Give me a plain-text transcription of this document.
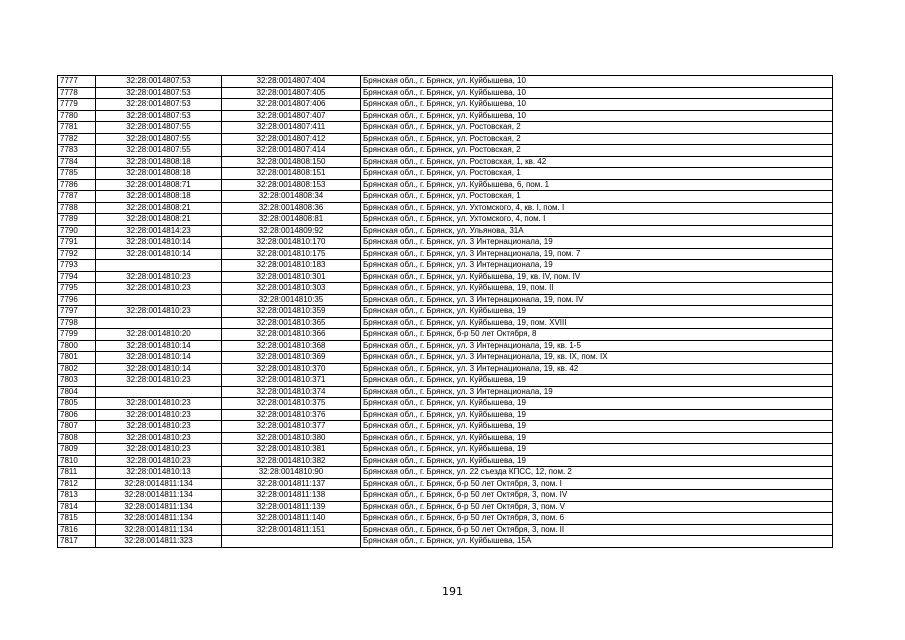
7777	32:28:0014807:53	32:28:0014807:404	Брянская обл., г. Брянск, ул. Куйбышева, 10
7778	32:28:0014807:53	32:28:0014807:405	Брянская обл., г. Брянск, ул. Куйбышева, 10
7779	32:28:0014807:53	32:28:0014807:406	Брянская обл., г. Брянск, ул. Куйбышева, 10
7780	32:28:0014807:53	32:28:0014807:407	Брянская обл., г. Брянск, ул. Куйбышева, 10
7781	32:28:0014807:55	32:28:0014807:411	Брянская обл., г. Брянск, ул. Ростовская, 2
7782	32:28:0014807:55	32:28:0014807:412	Брянская обл., г. Брянск, ул. Ростовская, 2
7783	32:28:0014807:55	32:28:0014807:414	Брянская обл., г. Брянск, ул. Ростовская, 2
7784	32:28:0014808:18	32:28:0014808:150	Брянская обл., г. Брянск, ул. Ростовская, 1, кв. 42
7785	32:28:0014808:18	32:28:0014808:151	Брянская обл., г. Брянск, ул. Ростовская, 1
7786	32:28:0014808:71	32:28:0014808:153	Брянская обл., г. Брянск, ул. Куйбышева, 6, пом. 1
7787	32:28:0014808:18	32:28:0014808:34	Брянская обл., г. Брянск, ул. Ростовская, 1
7788	32:28:0014808:21	32:28:0014808:36	Брянская обл., г. Брянск, ул. Ухтомского, 4, кв. I, пом. I
7789	32:28:0014808:21	32:28:0014808:81	Брянская обл., г. Брянск, ул. Ухтомского, 4, пом. I
7790	32:28:0014814:23	32:28:0014809:92	Брянская обл., г. Брянск, ул. Ульянова, 31А
7791	32:28:0014810:14	32:28:0014810:170	Брянская обл., г. Брянск, ул. 3 Интернационала, 19
7792	32:28:0014810:14	32:28:0014810:175	Брянская обл., г. Брянск, ул. 3 Интернационала, 19, пом. 7
7793		32:28:0014810:183	Брянская обл., г. Брянск, ул. 3 Интернационала, 19
7794	32:28:0014810:23	32:28:0014810:301	Брянская обл., г. Брянск, ул. Куйбышева, 19, кв. IV, пом. IV
7795	32:28:0014810:23	32:28:0014810:303	Брянская обл., г. Брянск, ул. Куйбышева, 19, пом. II
7796		32:28:0014810:35	Брянская обл., г. Брянск, ул. 3 Интернационала, 19, пом. IV
7797	32:28:0014810:23	32:28:0014810:359	Брянская обл., г. Брянск, ул. Куйбышева, 19
7798		32:28:0014810:365	Брянская обл., г. Брянск, ул. Куйбышева, 19, пом. XVIII
7799	32:28:0014810:20	32:28:0014810:366	Брянская обл., г. Брянск, б-р 50 лет Октября, 8
7800	32:28:0014810:14	32:28:0014810:368	Брянская обл., г. Брянск, ул. 3 Интернационала, 19, кв. 1-5
7801	32:28:0014810:14	32:28:0014810:369	Брянская обл., г. Брянск, ул. 3 Интернационала, 19, кв. IX, пом. IX
7802	32:28:0014810:14	32:28:0014810:370	Брянская обл., г. Брянск, ул. 3 Интернационала, 19, кв. 42
7803	32:28:0014810:23	32:28:0014810:371	Брянская обл., г. Брянск, ул. Куйбышева, 19
7804		32:28:0014810:374	Брянская обл., г. Брянск, ул. 3 Интернационала, 19
7805	32:28:0014810:23	32:28:0014810:375	Брянская обл., г. Брянск, ул. Куйбышева, 19
7806	32:28:0014810:23	32:28:0014810:376	Брянская обл., г. Брянск, ул. Куйбышева, 19
7807	32:28:0014810:23	32:28:0014810:377	Брянская обл., г. Брянск, ул. Куйбышева, 19
7808	32:28:0014810:23	32:28:0014810:380	Брянская обл., г. Брянск, ул. Куйбышева, 19
7809	32:28:0014810:23	32:28:0014810:381	Брянская обл., г. Брянск, ул. Куйбышева, 19
7810	32:28:0014810:23	32:28:0014810:382	Брянская обл., г. Брянск, ул. Куйбышева, 19
7811	32:28:0014810:13	32:28:0014810:90	Брянская обл., г. Брянск, ул. 22 съезда КПСС, 12, пом. 2
7812	32:28:0014811:134	32:28:0014811:137	Брянская обл., г. Брянск, б-р 50 лет Октября, 3, пом. I
7813	32:28:0014811:134	32:28:0014811:138	Брянская обл., г. Брянск, б-р 50 лет Октября, 3, пом. IV
7814	32:28:0014811:134	32:28:0014811:139	Брянская обл., г. Брянск, б-р 50 лет Октября, 3, пом. V
7815	32:28:0014811:134	32:28:0014811:140	Брянская обл., г. Брянск, б-р 50 лет Октября, 3, пом. 6
7816	32:28:0014811:134	32:28:0014811:151	Брянская обл., г. Брянск, б-р 50 лет Октября, 3, пом. II
7817	32:28:0014811:323		Брянская обл., г. Брянск, ул. Куйбышева, 15А
191
